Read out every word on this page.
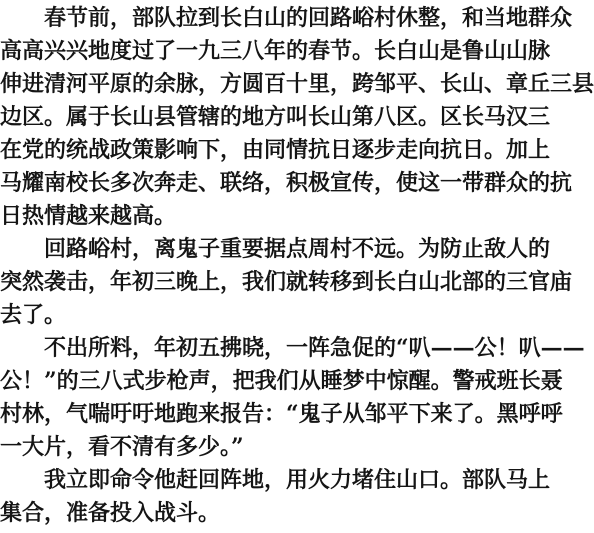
春节前，部队拉到长白山的回路峪村休整，和当地群众
高高兴兴地度过了一九三八年的春节。长白山是鲁山山脉
伸进清河平原的余脉，方圆百十里，跨邹平、长山、章丘三县
边区。属于长山县管辖的地方叫长山第八区。区长马汉三
在党的统战政策影响下，由同情抗日逐步走向抗日。加上
马耀南校长多次奔走、联络，积极宣传，使这一带群众的抗
日热情越来越高。
回路峪村，离鬼子重要据点周村不远。为防止敌人的
突然袭击，年初三晚上，我们就转移到长白山北部的三官庙
去了。
不出所料，年初五拂晓，一阵急促的“叭——公！叭——
公！”的三八式步枪声，把我们从睡梦中惊醒。警戒班长聂
村林，气喘吁吁地跑来报告：“鬼子从邹平下来了。黑呼呼
一大片，看不清有多少。”
我立即命令他赶回阵地，用火力堵住山口。部队马上
集合，准备投入战斗。
